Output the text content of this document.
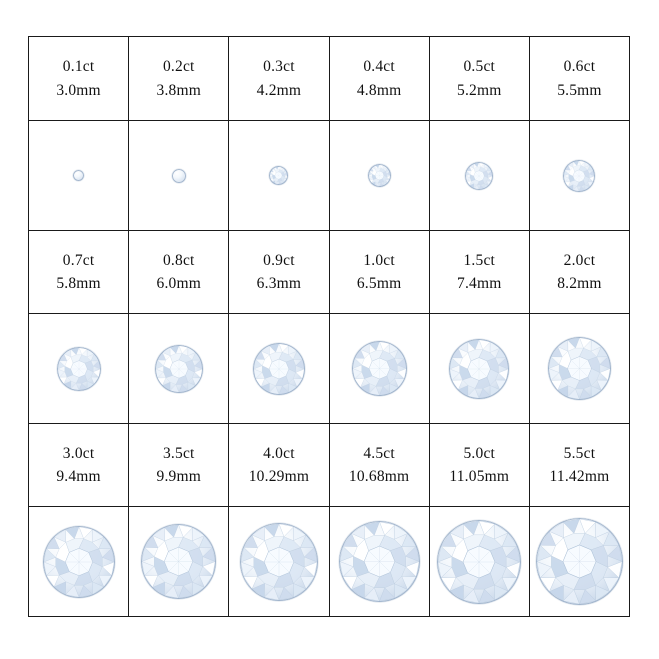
0.1ct
3.0mm
0.2ct
3.8mm
0.3ct
4.2mm
0.4ct
4.8mm
0.5ct
5.2mm
0.6ct
5.5mm
0.7ct
5.8mm
0.8ct
6.0mm
0.9ct
6.3mm
1.0ct
6.5mm
1.5ct
7.4mm
2.0ct
8.2mm
3.0ct
9.4mm
3.5ct
9.9mm
4.0ct
10.29mm
4.5ct
10.68mm
5.0ct
11.05mm
5.5ct
11.42mm
